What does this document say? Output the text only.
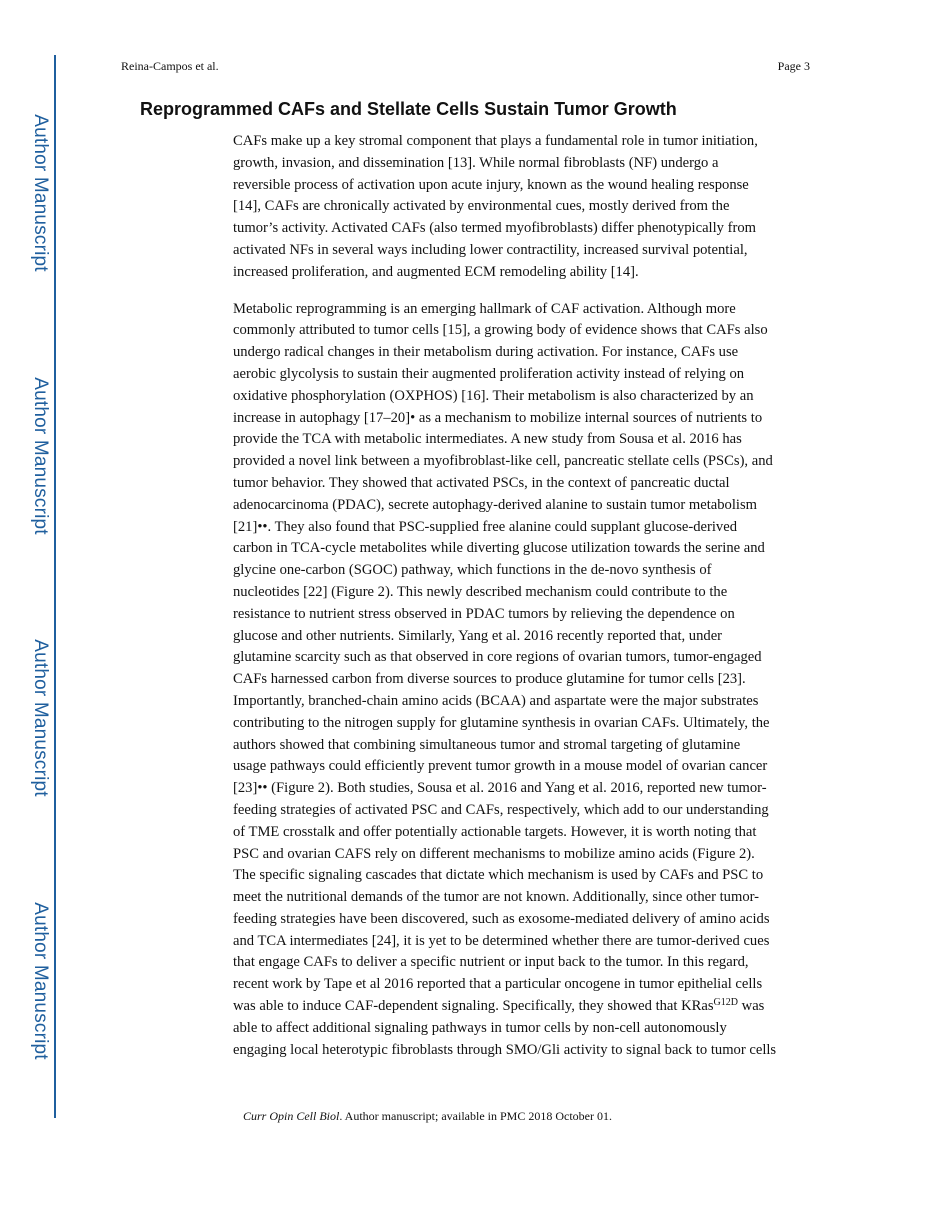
Author Manuscript
Author Manuscript
Author Manuscript
Author Manuscript
Reina-Campos et al.	Page 3
Reprogrammed CAFs and Stellate Cells Sustain Tumor Growth
CAFs make up a key stromal component that plays a fundamental role in tumor initiation,
growth, invasion, and dissemination [13]. While normal fibroblasts (NF) undergo a
reversible process of activation upon acute injury, known as the wound healing response
[14], CAFs are chronically activated by environmental cues, mostly derived from the
tumor’s activity. Activated CAFs (also termed myofibroblasts) differ phenotypically from
activated NFs in several ways including lower contractility, increased survival potential,
increased proliferation, and augmented ECM remodeling ability [14].
Metabolic reprogramming is an emerging hallmark of CAF activation. Although more
commonly attributed to tumor cells [15], a growing body of evidence shows that CAFs also
undergo radical changes in their metabolism during activation. For instance, CAFs use
aerobic glycolysis to sustain their augmented proliferation activity instead of relying on
oxidative phosphorylation (OXPHOS) [16]. Their metabolism is also characterized by an
increase in autophagy [17–20]• as a mechanism to mobilize internal sources of nutrients to
provide the TCA with metabolic intermediates. A new study from Sousa et al. 2016 has
provided a novel link between a myofibroblast-like cell, pancreatic stellate cells (PSCs), and
tumor behavior. They showed that activated PSCs, in the context of pancreatic ductal
adenocarcinoma (PDAC), secrete autophagy-derived alanine to sustain tumor metabolism
[21]••. They also found that PSC-supplied free alanine could supplant glucose-derived
carbon in TCA-cycle metabolites while diverting glucose utilization towards the serine and
glycine one-carbon (SGOC) pathway, which functions in the de-novo synthesis of
nucleotides [22] (Figure 2). This newly described mechanism could contribute to the
resistance to nutrient stress observed in PDAC tumors by relieving the dependence on
glucose and other nutrients. Similarly, Yang et al. 2016 recently reported that, under
glutamine scarcity such as that observed in core regions of ovarian tumors, tumor-engaged
CAFs harnessed carbon from diverse sources to produce glutamine for tumor cells [23].
Importantly, branched-chain amino acids (BCAA) and aspartate were the major substrates
contributing to the nitrogen supply for glutamine synthesis in ovarian CAFs. Ultimately, the
authors showed that combining simultaneous tumor and stromal targeting of glutamine
usage pathways could efficiently prevent tumor growth in a mouse model of ovarian cancer
[23]•• (Figure 2). Both studies, Sousa et al. 2016 and Yang et al. 2016, reported new tumor-
feeding strategies of activated PSC and CAFs, respectively, which add to our understanding
of TME crosstalk and offer potentially actionable targets. However, it is worth noting that
PSC and ovarian CAFS rely on different mechanisms to mobilize amino acids (Figure 2).
The specific signaling cascades that dictate which mechanism is used by CAFs and PSC to
meet the nutritional demands of the tumor are not known. Additionally, since other tumor-
feeding strategies have been discovered, such as exosome-mediated delivery of amino acids
and TCA intermediates [24], it is yet to be determined whether there are tumor-derived cues
that engage CAFs to deliver a specific nutrient or input back to the tumor. In this regard,
recent work by Tape et al 2016 reported that a particular oncogene in tumor epithelial cells
was able to induce CAF-dependent signaling. Specifically, they showed that KRas$^{G12D}$ was
able to affect additional signaling pathways in tumor cells by non-cell autonomously
engaging local heterotypic fibroblasts through SMO/Gli activity to signal back to tumor cells
Curr Opin Cell Biol. Author manuscript; available in PMC 2018 October 01.
